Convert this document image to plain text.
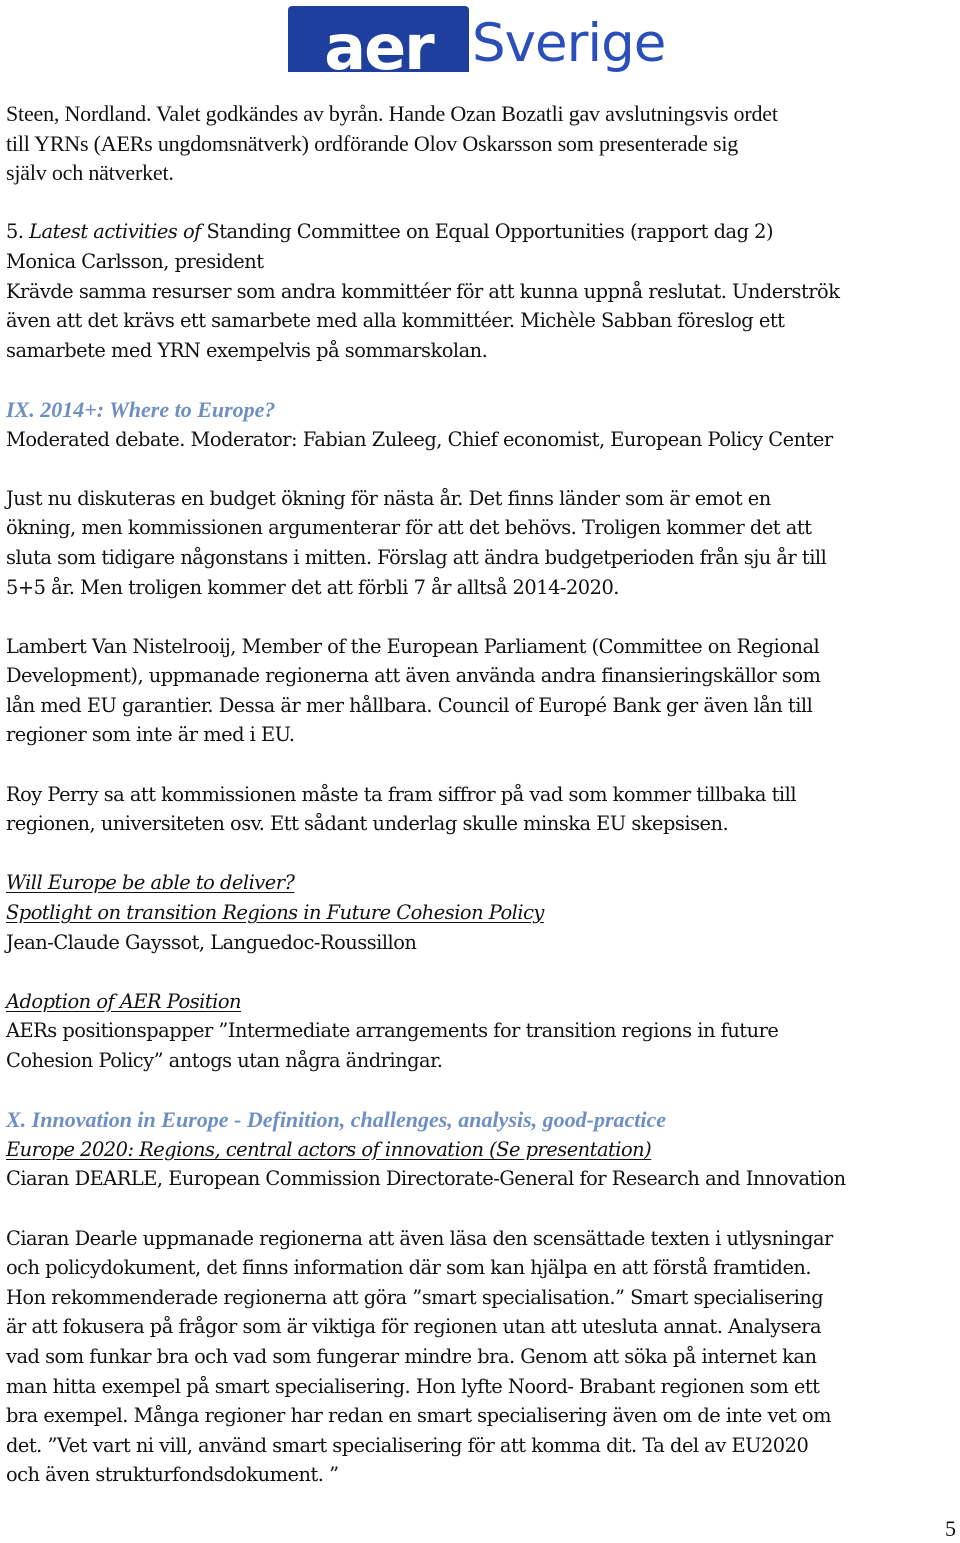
aer Sverige
Steen, Nordland. Valet godkändes av byrån. Hande Ozan Bozatli gav avslutningsvis ordet
till YRNs (AERs ungdomsnätverk) ordförande Olov Oskarsson som presenterade sig
själv och nätverket.
5. Latest activities of Standing Committee on Equal Opportunities (rapport dag 2)
Monica Carlsson, president
Krävde samma resurser som andra kommittéer för att kunna uppnå reslutat. Underströk
även att det krävs ett samarbete med alla kommittéer. Michèle Sabban föreslog ett
samarbete med YRN exempelvis på sommarskolan.
IX. 2014+: Where to Europe?
Moderated debate. Moderator: Fabian Zuleeg, Chief economist, European Policy Center
Just nu diskuteras en budget ökning för nästa år. Det finns länder som är emot en
ökning, men kommissionen argumenterar för att det behövs. Troligen kommer det att
sluta som tidigare någonstans i mitten. Förslag att ändra budgetperioden från sju år till
5+5 år. Men troligen kommer det att förbli 7 år alltså 2014-2020.
Lambert Van Nistelrooij, Member of the European Parliament (Committee on Regional
Development), uppmanade regionerna att även använda andra finansieringskällor som
lån med EU garantier. Dessa är mer hållbara. Council of Europé Bank ger även lån till
regioner som inte är med i EU.
Roy Perry sa att kommissionen måste ta fram siffror på vad som kommer tillbaka till
regionen, universiteten osv. Ett sådant underlag skulle minska EU skepsisen.
Will Europe be able to deliver?
Spotlight on transition Regions in Future Cohesion Policy
Jean-Claude Gayssot, Languedoc-Roussillon
Adoption of AER Position
AERs positionspapper ”Intermediate arrangements for transition regions in future
Cohesion Policy” antogs utan några ändringar.
X. Innovation in Europe - Definition, challenges, analysis, good-practice
Europe 2020: Regions, central actors of innovation (Se presentation)
Ciaran DEARLE, European Commission Directorate-General for Research and Innovation
Ciaran Dearle uppmanade regionerna att även läsa den scensättade texten i utlysningar
och policydokument, det finns information där som kan hjälpa en att förstå framtiden.
Hon rekommenderade regionerna att göra ”smart specialisation.” Smart specialisering
är att fokusera på frågor som är viktiga för regionen utan att utesluta annat. Analysera
vad som funkar bra och vad som fungerar mindre bra. Genom att söka på internet kan
man hitta exempel på smart specialisering. Hon lyfte Noord- Brabant regionen som ett
bra exempel. Många regioner har redan en smart specialisering även om de inte vet om
det. ”Vet vart ni vill, använd smart specialisering för att komma dit. Ta del av EU2020
och även strukturfondsdokument. ”
5
